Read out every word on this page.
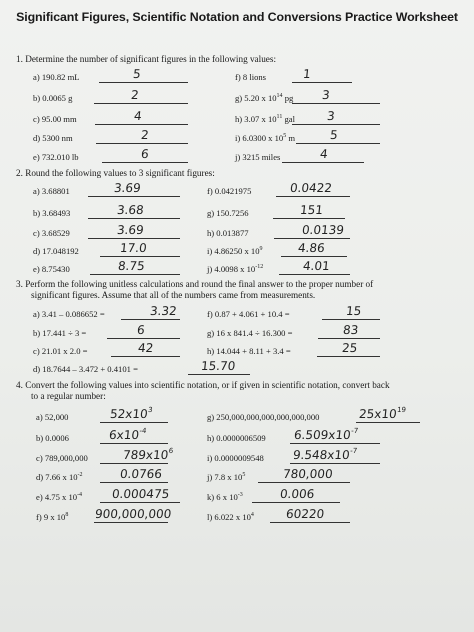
Significant Figures, Scientific Notation and Conversions Practice Worksheet
1. Determine the number of significant figures in the following values:
a) 190.82 mL	5
b) 0.0065 g	2
c) 95.00 mm	4
d) 5300 nm	2
e) 732.010 lb	6
f) 8 lions	1
g) 5.20 x $10^{14}$ pg 3
h) 3.07 x $10^{11}$ gal	3
i) 6.0300 x $10^5$ m	5
j) 3215 miles	4
2. Round the following values to 3 significant figures:
a) 3.68801	3.69
b) 3.68493	3.68
c) 3.68529	3.69
d) 17.048192	17.0
e) 8.75430	8.75
f) 0.0421975	0.0422
g) 150.7256	151
h) 0.013877	0.0139
i) 4.86250 x $10^9$	4.86
j) 4.0098 x $10^{-12}$	4.01
3. Perform the following unitless calculations and round the final answer to the proper number of
significant figures. Assume that all of the numbers came from measurements.
a) 3.41 – 0.086652 =	3.32
b) 17.441 ÷ 3 =	6
c) 21.01 x 2.0 =	42
d) 18.7644 – 3.472 + 0.4101 =	15.70
f) 0.87 + 4.061 + 10.4 =	15
g) 16 x 841.4 ÷ 16.300 =	83
h) 14.044 + 8.11 + 3.4 =	25
4. Convert the following values into scientific notation, or if given in scientific notation, convert back
to a regular number:
a) 52,000	$52x10^3$
b) 0.0006	$6x10^{-4}$
c) 789,000,000	$789x10^6$
d) 7.66 x $10^{-2}$	0.0766
e) 4.75 x $10^{-4}$ 0.000475
f) 9 x $10^8$ 900,000,000
g) 250,000,000,000,000,000,000	$25x10^{19}$
h) 0.0000006509 $6.509x10^{-7}$
i) 0.0000009548 $9.548x10^{-7}$
j) 7.8 x $10^5$	780,000
k) 6 x $10^{-3}$	0.006
l) 6.022 x $10^4$	60220
